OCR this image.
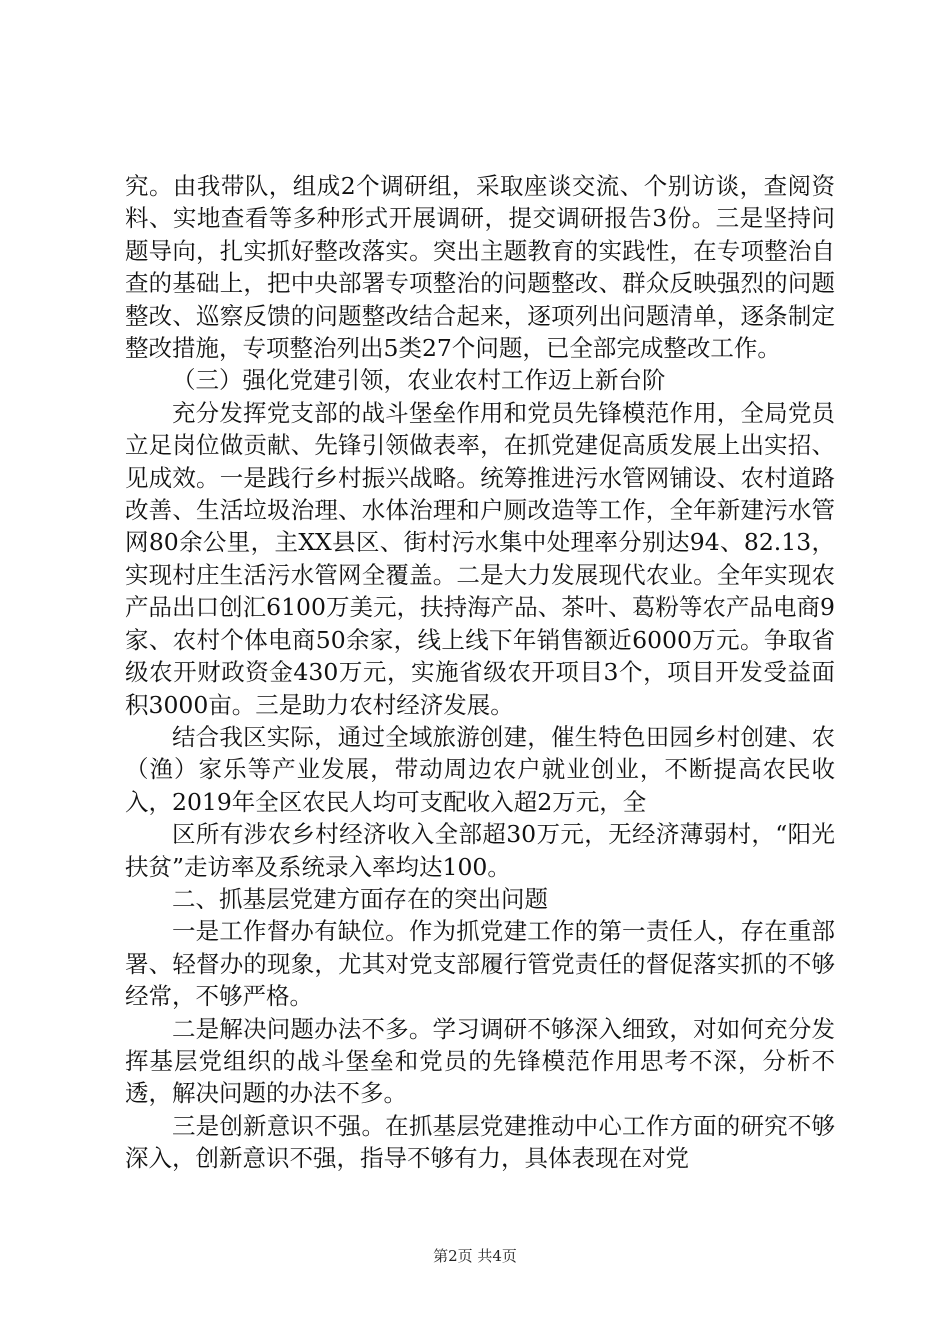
究。由我带队，组成2个调研组，采取座谈交流、个别访谈，查阅资料、实地查看等多种形式开展调研，提交调研报告3份。三是坚持问题导向，扎实抓好整改落实。突出主题教育的实践性，在专项整治自查的基础上，把中央部署专项整治的问题整改、群众反映强烈的问题整改、巡察反馈的问题整改结合起来，逐项列出问题清单，逐条制定整改措施，专项整治列出5类27个问题，已全部完成整改工作。

（三）强化党建引领，农业农村工作迈上新台阶

充分发挥党支部的战斗堡垒作用和党员先锋模范作用，全局党员立足岗位做贡献、先锋引领做表率，在抓党建促高质发展上出实招、见成效。一是践行乡村振兴战略。统筹推进污水管网铺设、农村道路改善、生活垃圾治理、水体治理和户厕改造等工作，全年新建污水管网80余公里，主XX县区、街村污水集中处理率分别达94、82.13，实现村庄生活污水管网全覆盖。二是大力发展现代农业。全年实现农产品出口创汇6100万美元，扶持海产品、茶叶、葛粉等农产品电商9家、农村个体电商50余家，线上线下年销售额近6000万元。争取省级农开财政资金430万元，实施省级农开项目3个，项目开发受益面积3000亩。三是助力农村经济发展。

结合我区实际，通过全域旅游创建，催生特色田园乡村创建、农（渔）家乐等产业发展，带动周边农户就业创业，不断提高农民收入，2019年全区农民人均可支配收入超2万元，全

区所有涉农乡村经济收入全部超30万元，无经济薄弱村，“阳光扶贫”走访率及系统录入率均达100。

二、抓基层党建方面存在的突出问题

一是工作督办有缺位。作为抓党建工作的第一责任人，存在重部署、轻督办的现象，尤其对党支部履行管党责任的督促落实抓的不够经常，不够严格。

二是解决问题办法不多。学习调研不够深入细致，对如何充分发挥基层党组织的战斗堡垒和党员的先锋模范作用思考不深，分析不透，解决问题的办法不多。

三是创新意识不强。在抓基层党建推动中心工作方面的研究不够深入，创新意识不强，指导不够有力，具体表现在对党

第2页 共4页
